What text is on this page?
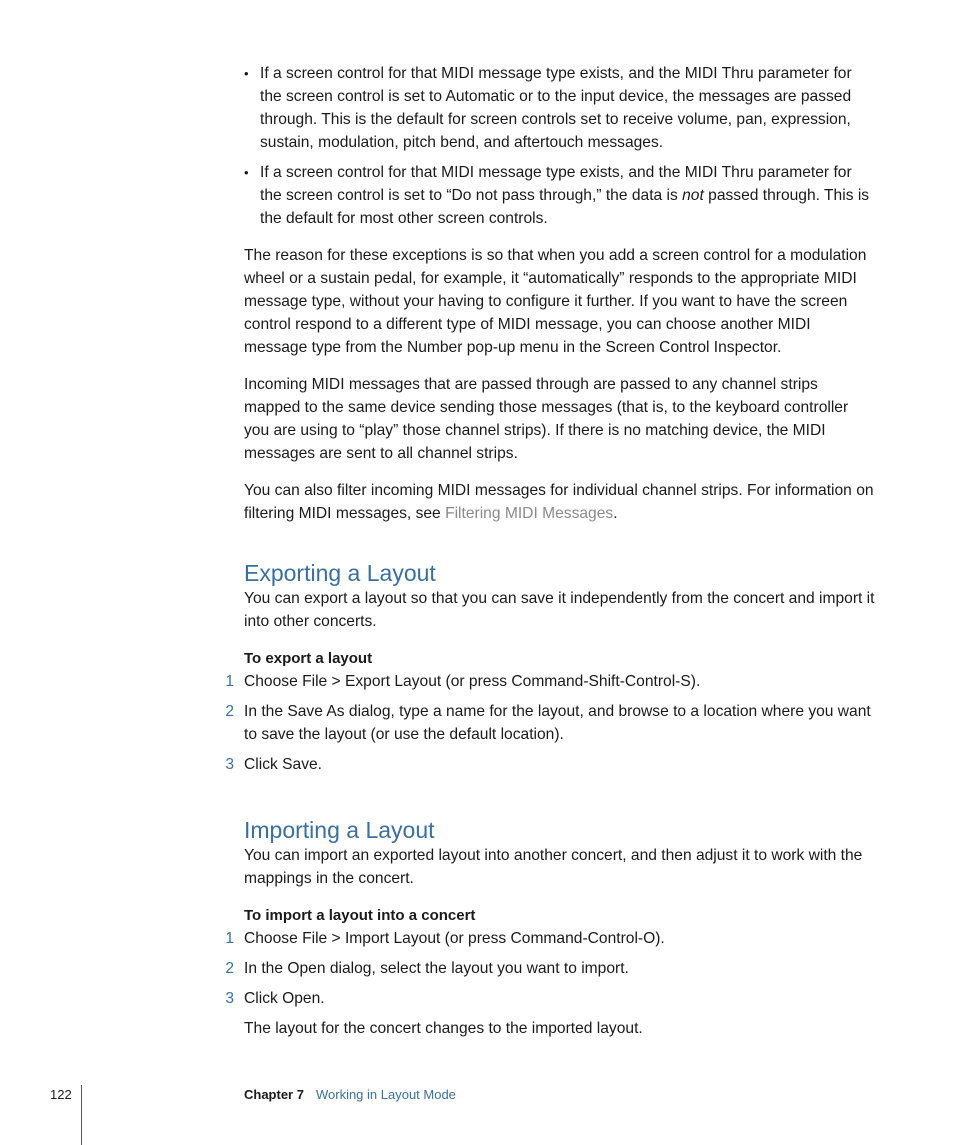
• If a screen control for that MIDI message type exists, and the MIDI Thru parameter for the screen control is set to Automatic or to the input device, the messages are passed through. This is the default for screen controls set to receive volume, pan, expression, sustain, modulation, pitch bend, and aftertouch messages.
• If a screen control for that MIDI message type exists, and the MIDI Thru parameter for the screen control is set to “Do not pass through,” the data is not passed through. This is the default for most other screen controls.

The reason for these exceptions is so that when you add a screen control for a modulation wheel or a sustain pedal, for example, it “automatically” responds to the appropriate MIDI message type, without your having to configure it further. If you want to have the screen control respond to a different type of MIDI message, you can choose another MIDI message type from the Number pop-up menu in the Screen Control Inspector.

Incoming MIDI messages that are passed through are passed to any channel strips mapped to the same device sending those messages (that is, to the keyboard controller you are using to “play” those channel strips). If there is no matching device, the MIDI messages are sent to all channel strips.

You can also filter incoming MIDI messages for individual channel strips. For information on filtering MIDI messages, see Filtering MIDI Messages.

Exporting a Layout

You can export a layout so that you can save it independently from the concert and import it into other concerts.

To export a layout

1 Choose File > Export Layout (or press Command-Shift-Control-S).
2 In the Save As dialog, type a name for the layout, and browse to a location where you want to save the layout (or use the default location).
3 Click Save.
Importing a Layout

You can import an exported layout into another concert, and then adjust it to work with the mappings in the concert.

To import a layout into a concert

1 Choose File > Import Layout (or press Command-Control-O).
2 In the Open dialog, select the layout you want to import.
3 Click Open.

The layout for the concert changes to the imported layout.

122	Chapter 7 Working in Layout Mode
